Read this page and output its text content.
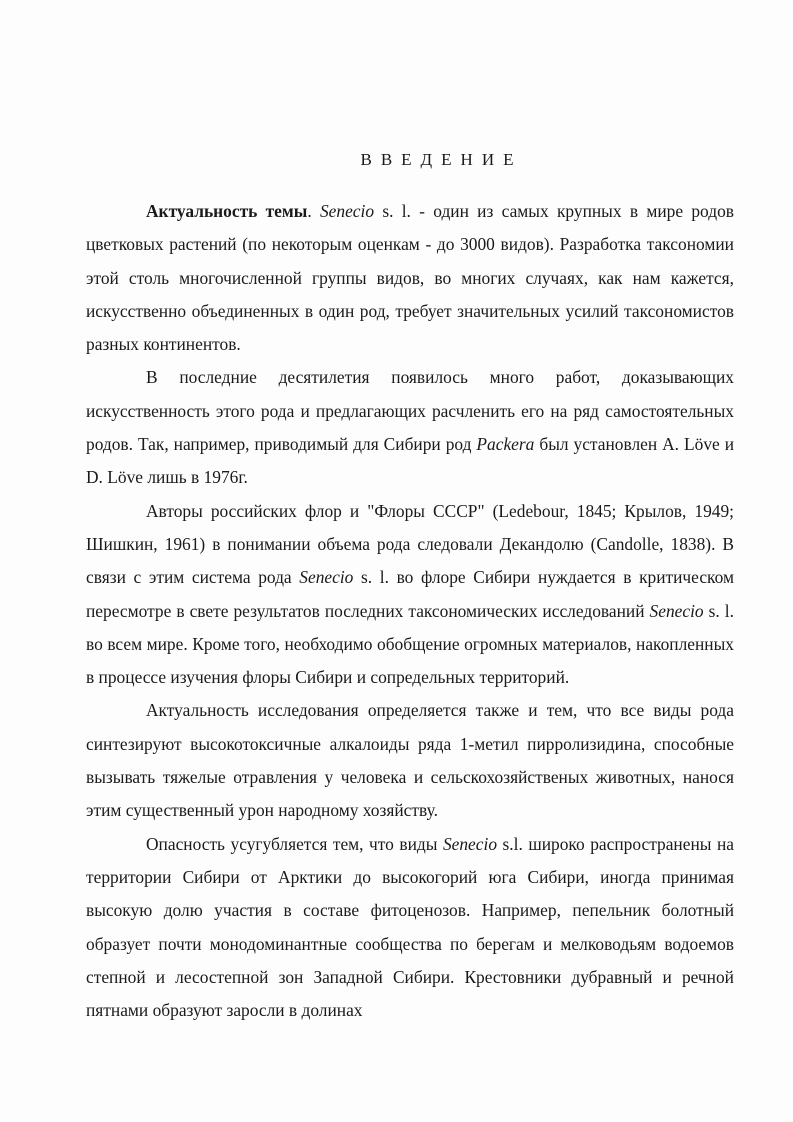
ВВЕДЕНИЕ

Актуальность темы. Senecio s. l. - один из самых крупных в мире родов цветковых растений (по некоторым оценкам - до 3000 видов). Разработка таксономии этой столь многочисленной группы видов, во многих случаях, как нам кажется, искусственно объединенных в один род, требует значительных усилий таксономистов разных континентов.

В последние десятилетия появилось много работ, доказывающих искусственность этого рода и предлагающих расчленить его на ряд самостоятельных родов. Так, например, приводимый для Сибири род Packera был установлен A. Löve и D. Löve лишь в 1976г.

Авторы российских флор и "Флоры СССР" (Ledebour, 1845; Крылов, 1949; Шишкин, 1961) в понимании объема рода следовали Декандолю (Candolle, 1838). В связи с этим система рода Senecio s. l. во флоре Сибири нуждается в критическом пересмотре в свете результатов последних таксономических исследований Senecio s. l. во всем мире. Кроме того, необходимо обобщение огромных материалов, накопленных в процессе изучения флоры Сибири и сопредельных территорий.

Актуальность исследования определяется также и тем, что все виды рода синтезируют высокотоксичные алкалоиды ряда 1-метил пирролизидина, способные вызывать тяжелые отравления у человека и сельскохозяйственых животных, нанося этим существенный урон народному хозяйству.

Опасность усугубляется тем, что виды Senecio s.l. широко распространены на территории Сибири от Арктики до высокогорий юга Сибири, иногда принимая высокую долю участия в составе фитоценозов. Например, пепельник болотный образует почти монодоминантные сообщества по берегам и мелководьям водоемов степной и лесостепной зон Западной Сибири. Крестовники дубравный и речной пятнами образуют заросли в долинах
